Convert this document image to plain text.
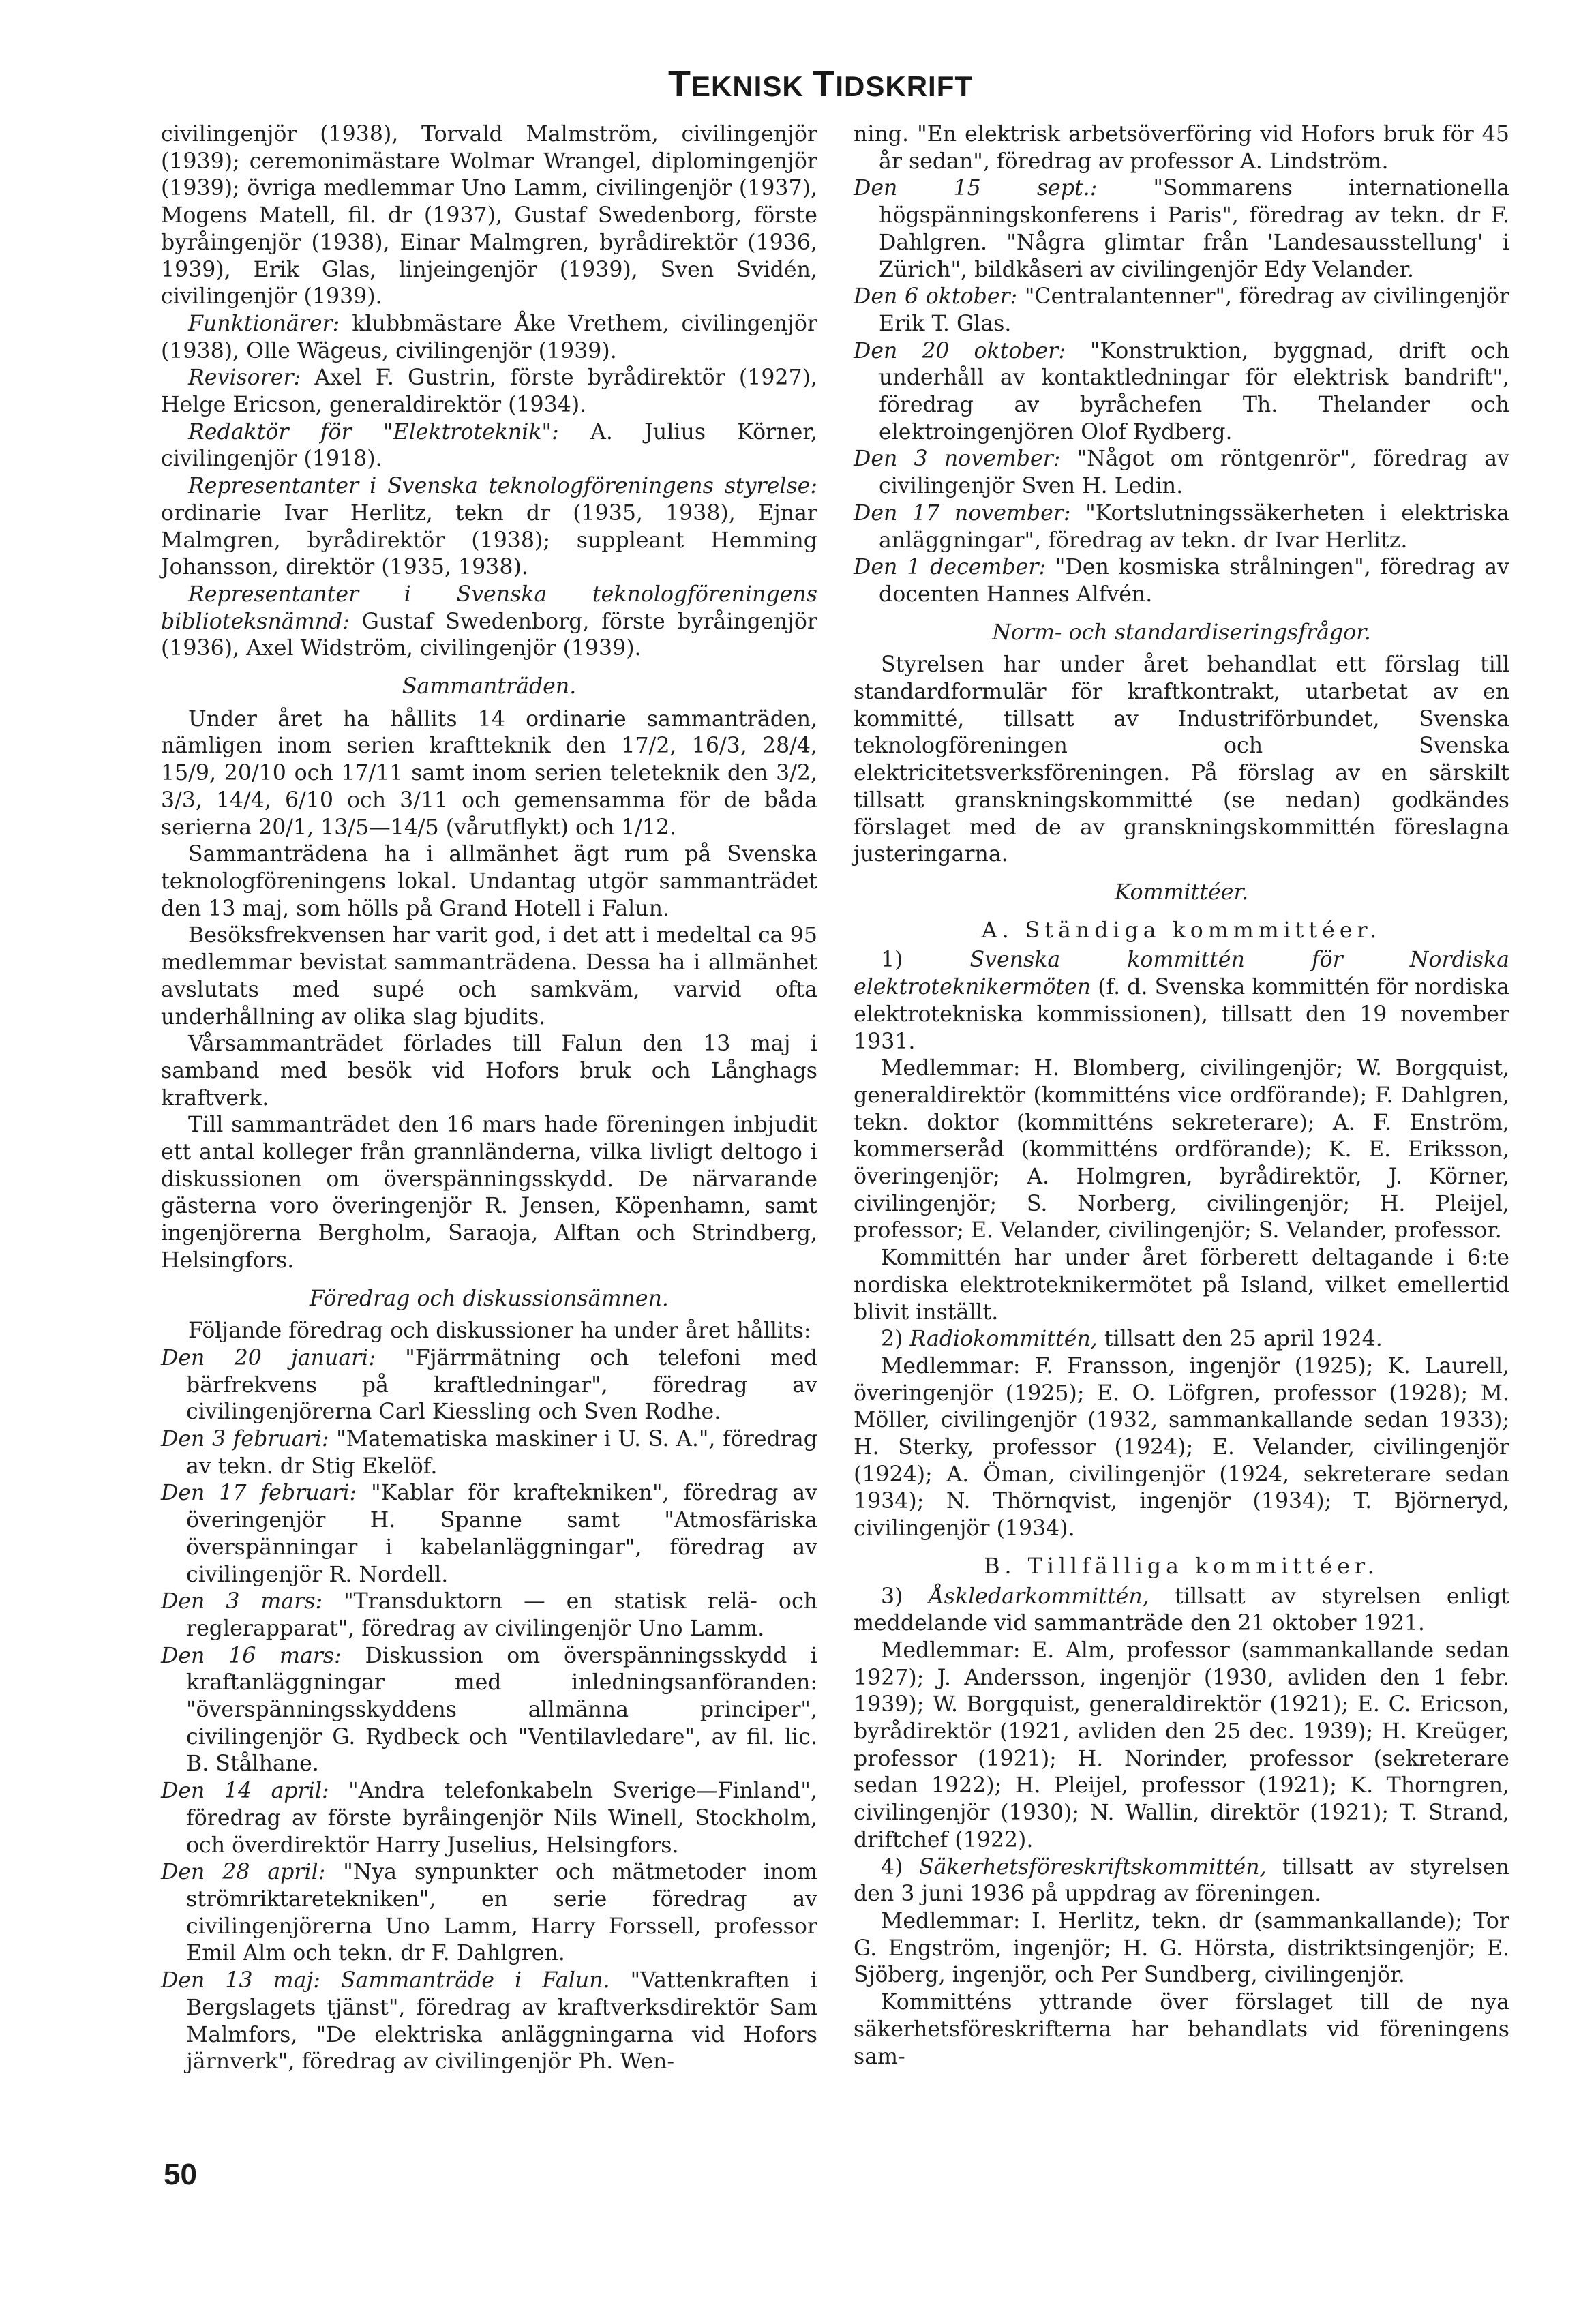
TEKNISK TIDSKRIFT

civilingenjör (1938), Torvald Malmström, civilingenjör (1939); ceremonimästare Wolmar Wrangel, diplomingenjör (1939); övriga medlemmar Uno Lamm, civilingenjör (1937), Mogens Matell, fil. dr (1937), Gustaf Swedenborg, förste byråingenjör (1938), Einar Malmgren, byrådirektör (1936, 1939), Erik Glas, linjeingenjör (1939), Sven Svidén, civilingenjör (1939).

Funktionärer: klubbmästare Åke Vrethem, civilingenjör (1938), Olle Wägeus, civilingenjör (1939).

Revisorer: Axel F. Gustrin, förste byrådirektör (1927), Helge Ericson, generaldirektör (1934).

Redaktör för "Elektroteknik": A. Julius Körner, civilingenjör (1918).

Representanter i Svenska teknologföreningens styrelse: ordinarie Ivar Herlitz, tekn dr (1935, 1938), Ejnar Malmgren, byrådirektör (1938); suppleant Hemming Johansson, direktör (1935, 1938).

Representanter i Svenska teknologföreningens biblioteksnämnd: Gustaf Swedenborg, förste byråingenjör (1936), Axel Widström, civilingenjör (1939).

Sammanträden.

Under året ha hållits 14 ordinarie sammanträden, nämligen inom serien kraftteknik den 17/2, 16/3, 28/4, 15/9, 20/10 och 17/11 samt inom serien teleteknik den 3/2, 3/3, 14/4, 6/10 och 3/11 och gemensamma för de båda serierna 20/1, 13/5—14/5 (vårutflykt) och 1/12.

Sammanträdena ha i allmänhet ägt rum på Svenska teknologföreningens lokal. Undantag utgör sammanträdet den 13 maj, som hölls på Grand Hotell i Falun.

Besöksfrekvensen har varit god, i det att i medeltal ca 95 medlemmar bevistat sammanträdena. Dessa ha i allmänhet avslutats med supé och samkväm, varvid ofta underhållning av olika slag bjudits.

Vårsammanträdet förlades till Falun den 13 maj i samband med besök vid Hofors bruk och Långhags kraftverk.

Till sammanträdet den 16 mars hade föreningen inbjudit ett antal kolleger från grannländerna, vilka livligt deltogo i diskussionen om överspänningsskydd. De närvarande gästerna voro överingenjör R. Jensen, Köpenhamn, samt ingenjörerna Bergholm, Saraoja, Alftan och Strindberg, Helsingfors.

Föredrag och diskussionsämnen.

Följande föredrag och diskussioner ha under året hållits:

Den 20 januari: "Fjärrmätning och telefoni med bärfrekvens på kraftledningar", föredrag av civilingenjörerna Carl Kiessling och Sven Rodhe.

Den 3 februari: "Matematiska maskiner i U. S. A.", föredrag av tekn. dr Stig Ekelöf.

Den 17 februari: "Kablar för kraftekniken", föredrag av överingenjör H. Spanne samt "Atmosfäriska överspänningar i kabelanläggningar", föredrag av civilingenjör R. Nordell.

Den 3 mars: "Transduktorn — en statisk relä- och reglerapparat", föredrag av civilingenjör Uno Lamm.

Den 16 mars: Diskussion om överspänningsskydd i kraftanläggningar med inledningsanföranden: "överspänningsskyddens allmänna principer", civilingenjör G. Rydbeck och "Ventilavledare", av fil. lic. B. Stålhane.

Den 14 april: "Andra telefonkabeln Sverige—Finland", föredrag av förste byråingenjör Nils Winell, Stockholm, och överdirektör Harry Juselius, Helsingfors.

Den 28 april: "Nya synpunkter och mätmetoder inom strömriktaretekniken", en serie föredrag av civilingenjörerna Uno Lamm, Harry Forssell, professor Emil Alm och tekn. dr F. Dahlgren.

Den 13 maj: Sammanträde i Falun. "Vattenkraften i Bergslagets tjänst", föredrag av kraftverksdirektör Sam Malmfors, "De elektriska anläggningarna vid Hofors järnverk", föredrag av civilingenjör Ph. Wen-

ning. "En elektrisk arbetsöverföring vid Hofors bruk för 45 år sedan", föredrag av professor A. Lindström.

Den 15 sept.: "Sommarens internationella högspänningskonferens i Paris", föredrag av tekn. dr F. Dahlgren. "Några glimtar från 'Landesausstellung' i Zürich", bildkåseri av civilingenjör Edy Velander.

Den 6 oktober: "Centralantenner", föredrag av civilingenjör Erik T. Glas.

Den 20 oktober: "Konstruktion, byggnad, drift och underhåll av kontaktledningar för elektrisk bandrift", föredrag av byråchefen Th. Thelander och elektroingenjören Olof Rydberg.

Den 3 november: "Något om röntgenrör", föredrag av civilingenjör Sven H. Ledin.

Den 17 november: "Kortslutningssäkerheten i elektriska anläggningar", föredrag av tekn. dr Ivar Herlitz.

Den 1 december: "Den kosmiska strålningen", föredrag av docenten Hannes Alfvén.

Norm- och standardiseringsfrågor.

Styrelsen har under året behandlat ett förslag till standardformulär för kraftkontrakt, utarbetat av en kommitté, tillsatt av Industriförbundet, Svenska teknologföreningen och Svenska elektricitetsverksföreningen. På förslag av en särskilt tillsatt granskningskommitté (se nedan) godkändes förslaget med de av granskningskommittén föreslagna justeringarna.

Kommittéer.

A. Ständiga kommmittéer.

1) Svenska kommittén för Nordiska elektroteknikermöten (f. d. Svenska kommittén för nordiska elektrotekniska kommissionen), tillsatt den 19 november 1931.

Medlemmar: H. Blomberg, civilingenjör; W. Borgquist, generaldirektör (kommitténs vice ordförande); F. Dahlgren, tekn. doktor (kommitténs sekreterare); A. F. Enström, kommerseråd (kommitténs ordförande); K. E. Eriksson, överingenjör; A. Holmgren, byrådirektör, J. Körner, civilingenjör; S. Norberg, civilingenjör; H. Pleijel, professor; E. Velander, civilingenjör; S. Velander, professor.

Kommittén har under året förberett deltagande i 6:te nordiska elektroteknikermötet på Island, vilket emellertid blivit inställt.

2) Radiokommittén, tillsatt den 25 april 1924.

Medlemmar: F. Fransson, ingenjör (1925); K. Laurell, överingenjör (1925); E. O. Löfgren, professor (1928); M. Möller, civilingenjör (1932, sammankallande sedan 1933); H. Sterky, professor (1924); E. Velander, civilingenjör (1924); A. Öman, civilingenjör (1924, sekreterare sedan 1934); N. Thörnqvist, ingenjör (1934); T. Björneryd, civilingenjör (1934).

B. Tillfälliga kommittéer.

3) Åskledarkommittén, tillsatt av styrelsen enligt meddelande vid sammanträde den 21 oktober 1921.

Medlemmar: E. Alm, professor (sammankallande sedan 1927); J. Andersson, ingenjör (1930, avliden den 1 febr. 1939); W. Borgquist, generaldirektör (1921); E. C. Ericson, byrådirektör (1921, avliden den 25 dec. 1939); H. Kreüger, professor (1921); H. Norinder, professor (sekreterare sedan 1922); H. Pleijel, professor (1921); K. Thorngren, civilingenjör (1930); N. Wallin, direktör (1921); T. Strand, driftchef (1922).

4) Säkerhetsföreskriftskommittén, tillsatt av styrelsen den 3 juni 1936 på uppdrag av föreningen.

Medlemmar: I. Herlitz, tekn. dr (sammankallande); Tor G. Engström, ingenjör; H. G. Hörsta, distriktsingenjör; E. Sjöberg, ingenjör, och Per Sundberg, civilingenjör.

Kommitténs yttrande över förslaget till de nya säkerhetsföreskrifterna har behandlats vid föreningens sam-

50
